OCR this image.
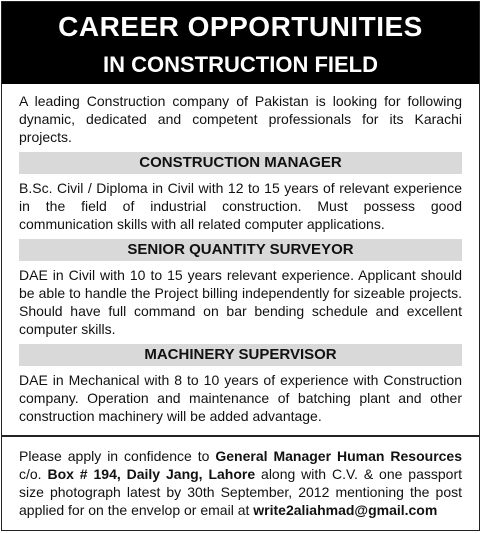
CAREER OPPORTUNITIES
IN CONSTRUCTION FIELD

A leading Construction company of Pakistan is looking for following dynamic, dedicated and competent professionals for its Karachi projects.

CONSTRUCTION MANAGER

B.Sc. Civil / Diploma in Civil with 12 to 15 years of relevant experience in the field of industrial construction. Must possess good communication skills with all related computer applications.

SENIOR QUANTITY SURVEYOR

DAE in Civil with 10 to 15 years relevant experience. Applicant should be able to handle the Project billing independently for sizeable projects. Should have full command on bar bending schedule and excellent computer skills.

MACHINERY SUPERVISOR

DAE in Mechanical with 8 to 10 years of experience with Construction company. Operation and maintenance of batching plant and other construction machinery will be added advantage.

Please apply in confidence to General Manager Human Resources c/o. Box # 194, Daily Jang, Lahore along with C.V. & one passport size photograph latest by 30th September, 2012 mentioning the post applied for on the envelop or email at write2aliahmad@gmail.com
